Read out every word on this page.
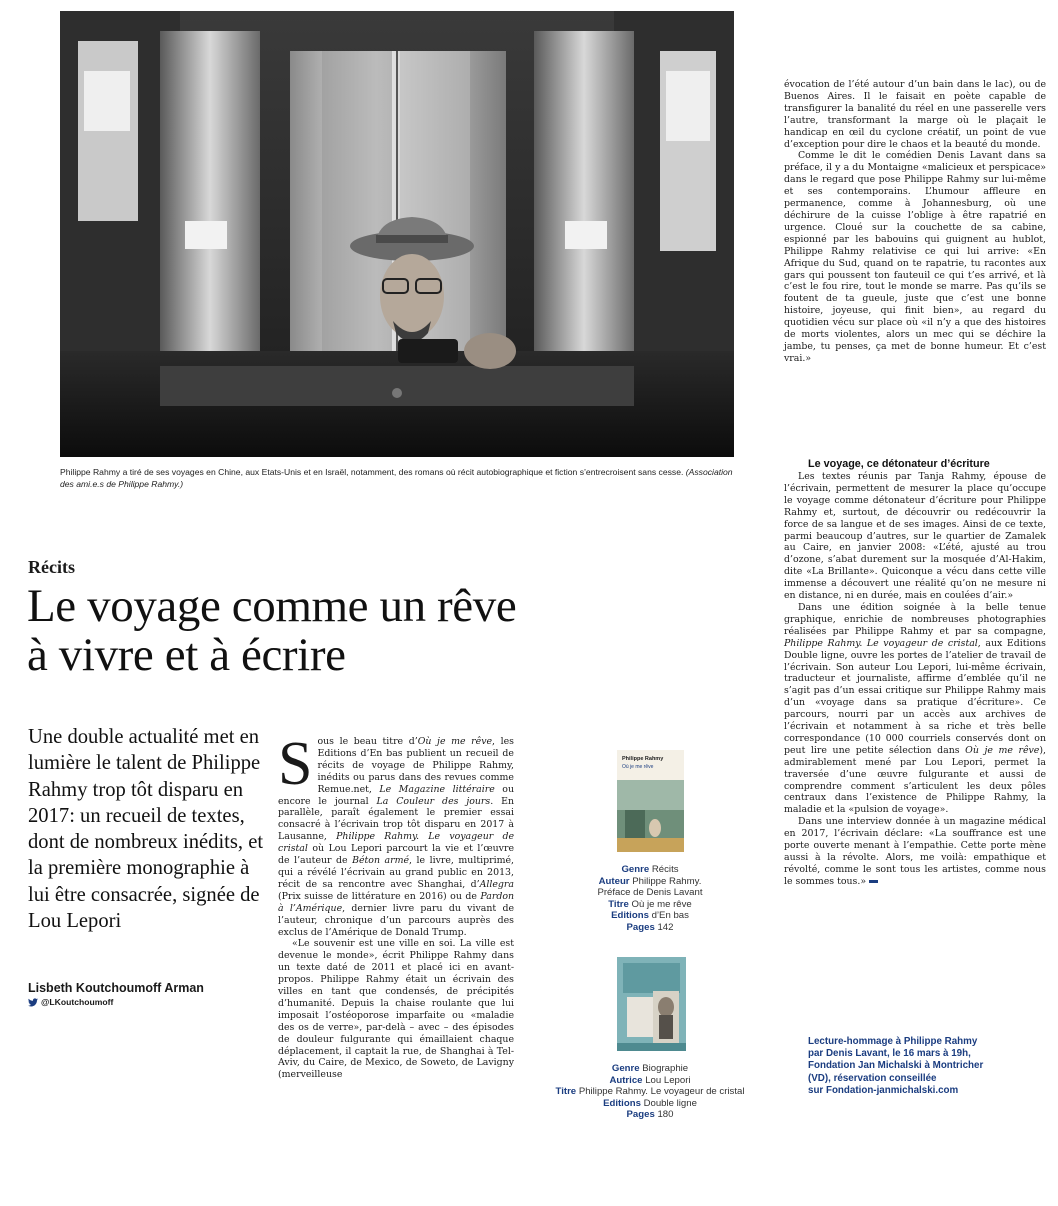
Philippe Rahmy a tiré de ses voyages en Chine, aux Etats-Unis et en Israël, notamment, des romans où récit autobiographique et fiction s’entrecroisent sans cesse. (Association des ami.e.s de Philippe Rahmy.)
Récits
Le voyage comme un rêve
à vivre et à écrire
Une double actualité met en lumière le talent de Philippe Rahmy trop tôt disparu en 2017: un recueil de textes, dont de nombreux inédits, et la première monographie à lui être consacrée, signée de Lou Lepori
Lisbeth Koutchoumoff Arman
@LKoutchoumoff

Sous le beau titre d’Où je me rêve, les Editions d’En bas publient un recueil de récits de voyage de Philippe Rahmy, inédits ou parus dans des revues comme Remue.net, Le Magazine littéraire ou encore le journal La Couleur des jours. En parallèle, paraît également le premier essai consacré à l’écrivain trop tôt disparu en 2017 à Lausanne, Philippe Rahmy. Le voyageur de cristal où Lou Lepori parcourt la vie et l’œuvre de l’auteur de Béton armé, le livre, multiprimé, qui a révélé l’écrivain au grand public en 2013, récit de sa rencontre avec Shanghai, d’Allegra (Prix suisse de littérature en 2016) ou de Pardon à l’Amérique, dernier livre paru du vivant de l’auteur, chronique d’un parcours auprès des exclus de l’Amérique de Donald Trump.

«Le souvenir est une ville en soi. La ville est devenue le monde», écrit Philippe Rahmy dans un texte daté de 2011 et placé ici en avant-propos. Philippe Rahmy était un écrivain des villes en tant que condensés, de précipités d’humanité. Depuis la chaise roulante que lui imposait l’ostéoporose imparfaite ou «maladie des os de verre», par-delà – avec – des épisodes de douleur fulgurante qui émaillaient chaque déplacement, il captait la rue, de Shanghai à Tel-Aviv, du Caire, de Mexico, de Soweto, de Lavigny (merveilleuse

Philippe Rahmy
Où je me rêve
Genre Récits
Auteur Philippe Rahmy.
Préface de Denis Lavant
Titre Où je me rêve
Editions d’En bas
Pages 142
Genre Biographie
Autrice Lou Lepori
Titre Philippe Rahmy. Le voyageur de cristal
Editions Double ligne
Pages 180

évocation de l’été autour d’un bain dans le lac), ou de Buenos Aires. Il le faisait en poète capable de transfigurer la banalité du réel en une passerelle vers l’autre, transformant la marge où le plaçait le handicap en œil du cyclone créatif, un point de vue d’exception pour dire le chaos et la beauté du monde.

Comme le dit le comédien Denis Lavant dans sa préface, il y a du Montaigne «malicieux et perspicace» dans le regard que pose Philippe Rahmy sur lui-même et ses contemporains. L’humour affleure en permanence, comme à Johannesburg, où une déchirure de la cuisse l’oblige à être rapatrié en urgence. Cloué sur la couchette de sa cabine, espionné par les babouins qui guignent au hublot, Philippe Rahmy relativise ce qui lui arrive: «En Afrique du Sud, quand on te rapatrie, tu racontes aux gars qui poussent ton fauteuil ce qui t’es arrivé, et là c’est le fou rire, tout le monde se marre. Pas qu’ils se foutent de ta gueule, juste que c’est une bonne histoire, joyeuse, qui finit bien», au regard du quotidien vécu sur place où «il n’y a que des histoires de morts violentes, alors un mec qui se déchire la jambe, tu penses, ça met de bonne humeur. Et c’est vrai.»

Le voyage, ce détonateur d’écriture

Les textes réunis par Tanja Rahmy, épouse de l’écrivain, permettent de mesurer la place qu’occupe le voyage comme détonateur d’écriture pour Philippe Rahmy et, surtout, de découvrir ou redécouvrir la force de sa langue et de ses images. Ainsi de ce texte, parmi beaucoup d’autres, sur le quartier de Zamalek au Caire, en janvier 2008: «L’été, ajusté au trou d’ozone, s’abat durement sur la mosquée d’Al-Hakim, dite «La Brillante». Quiconque a vécu dans cette ville immense a découvert une réalité qu’on ne mesure ni en distance, ni en durée, mais en coulées d’air.»

Dans une édition soignée à la belle tenue graphique, enrichie de nombreuses photographies réalisées par Philippe Rahmy et par sa compagne, Philippe Rahmy. Le voyageur de cristal, aux Editions Double ligne, ouvre les portes de l’atelier de travail de l’écrivain. Son auteur Lou Lepori, lui-même écrivain, traducteur et journaliste, affirme d’emblée qu’il ne s’agit pas d’un essai critique sur Philippe Rahmy mais d’un «voyage dans sa pratique d’écriture». Ce parcours, nourri par un accès aux archives de l’écrivain et notamment à sa riche et très belle correspondance (10 000 courriels conservés dont on peut lire une petite sélection dans Où je me rêve), admirablement mené par Lou Lepori, permet la traversée d’une œuvre fulgurante et aussi de comprendre comment s’articulent les deux pôles centraux dans l’existence de Philippe Rahmy, la maladie et la «pulsion de voyage».

Dans une interview donnée à un magazine médical en 2017, l’écrivain déclare: «La souffrance est une porte ouverte menant à l’empathie. Cette porte mène aussi à la révolte. Alors, me voilà: empathique et révolté, comme le sont tous les artistes, comme nous le sommes tous.»

Lecture-hommage à Philippe Rahmy
par Denis Lavant, le 16 mars à 19h,
Fondation Jan Michalski à Montricher
(VD), réservation conseillée
sur Fondation-janmichalski.com
